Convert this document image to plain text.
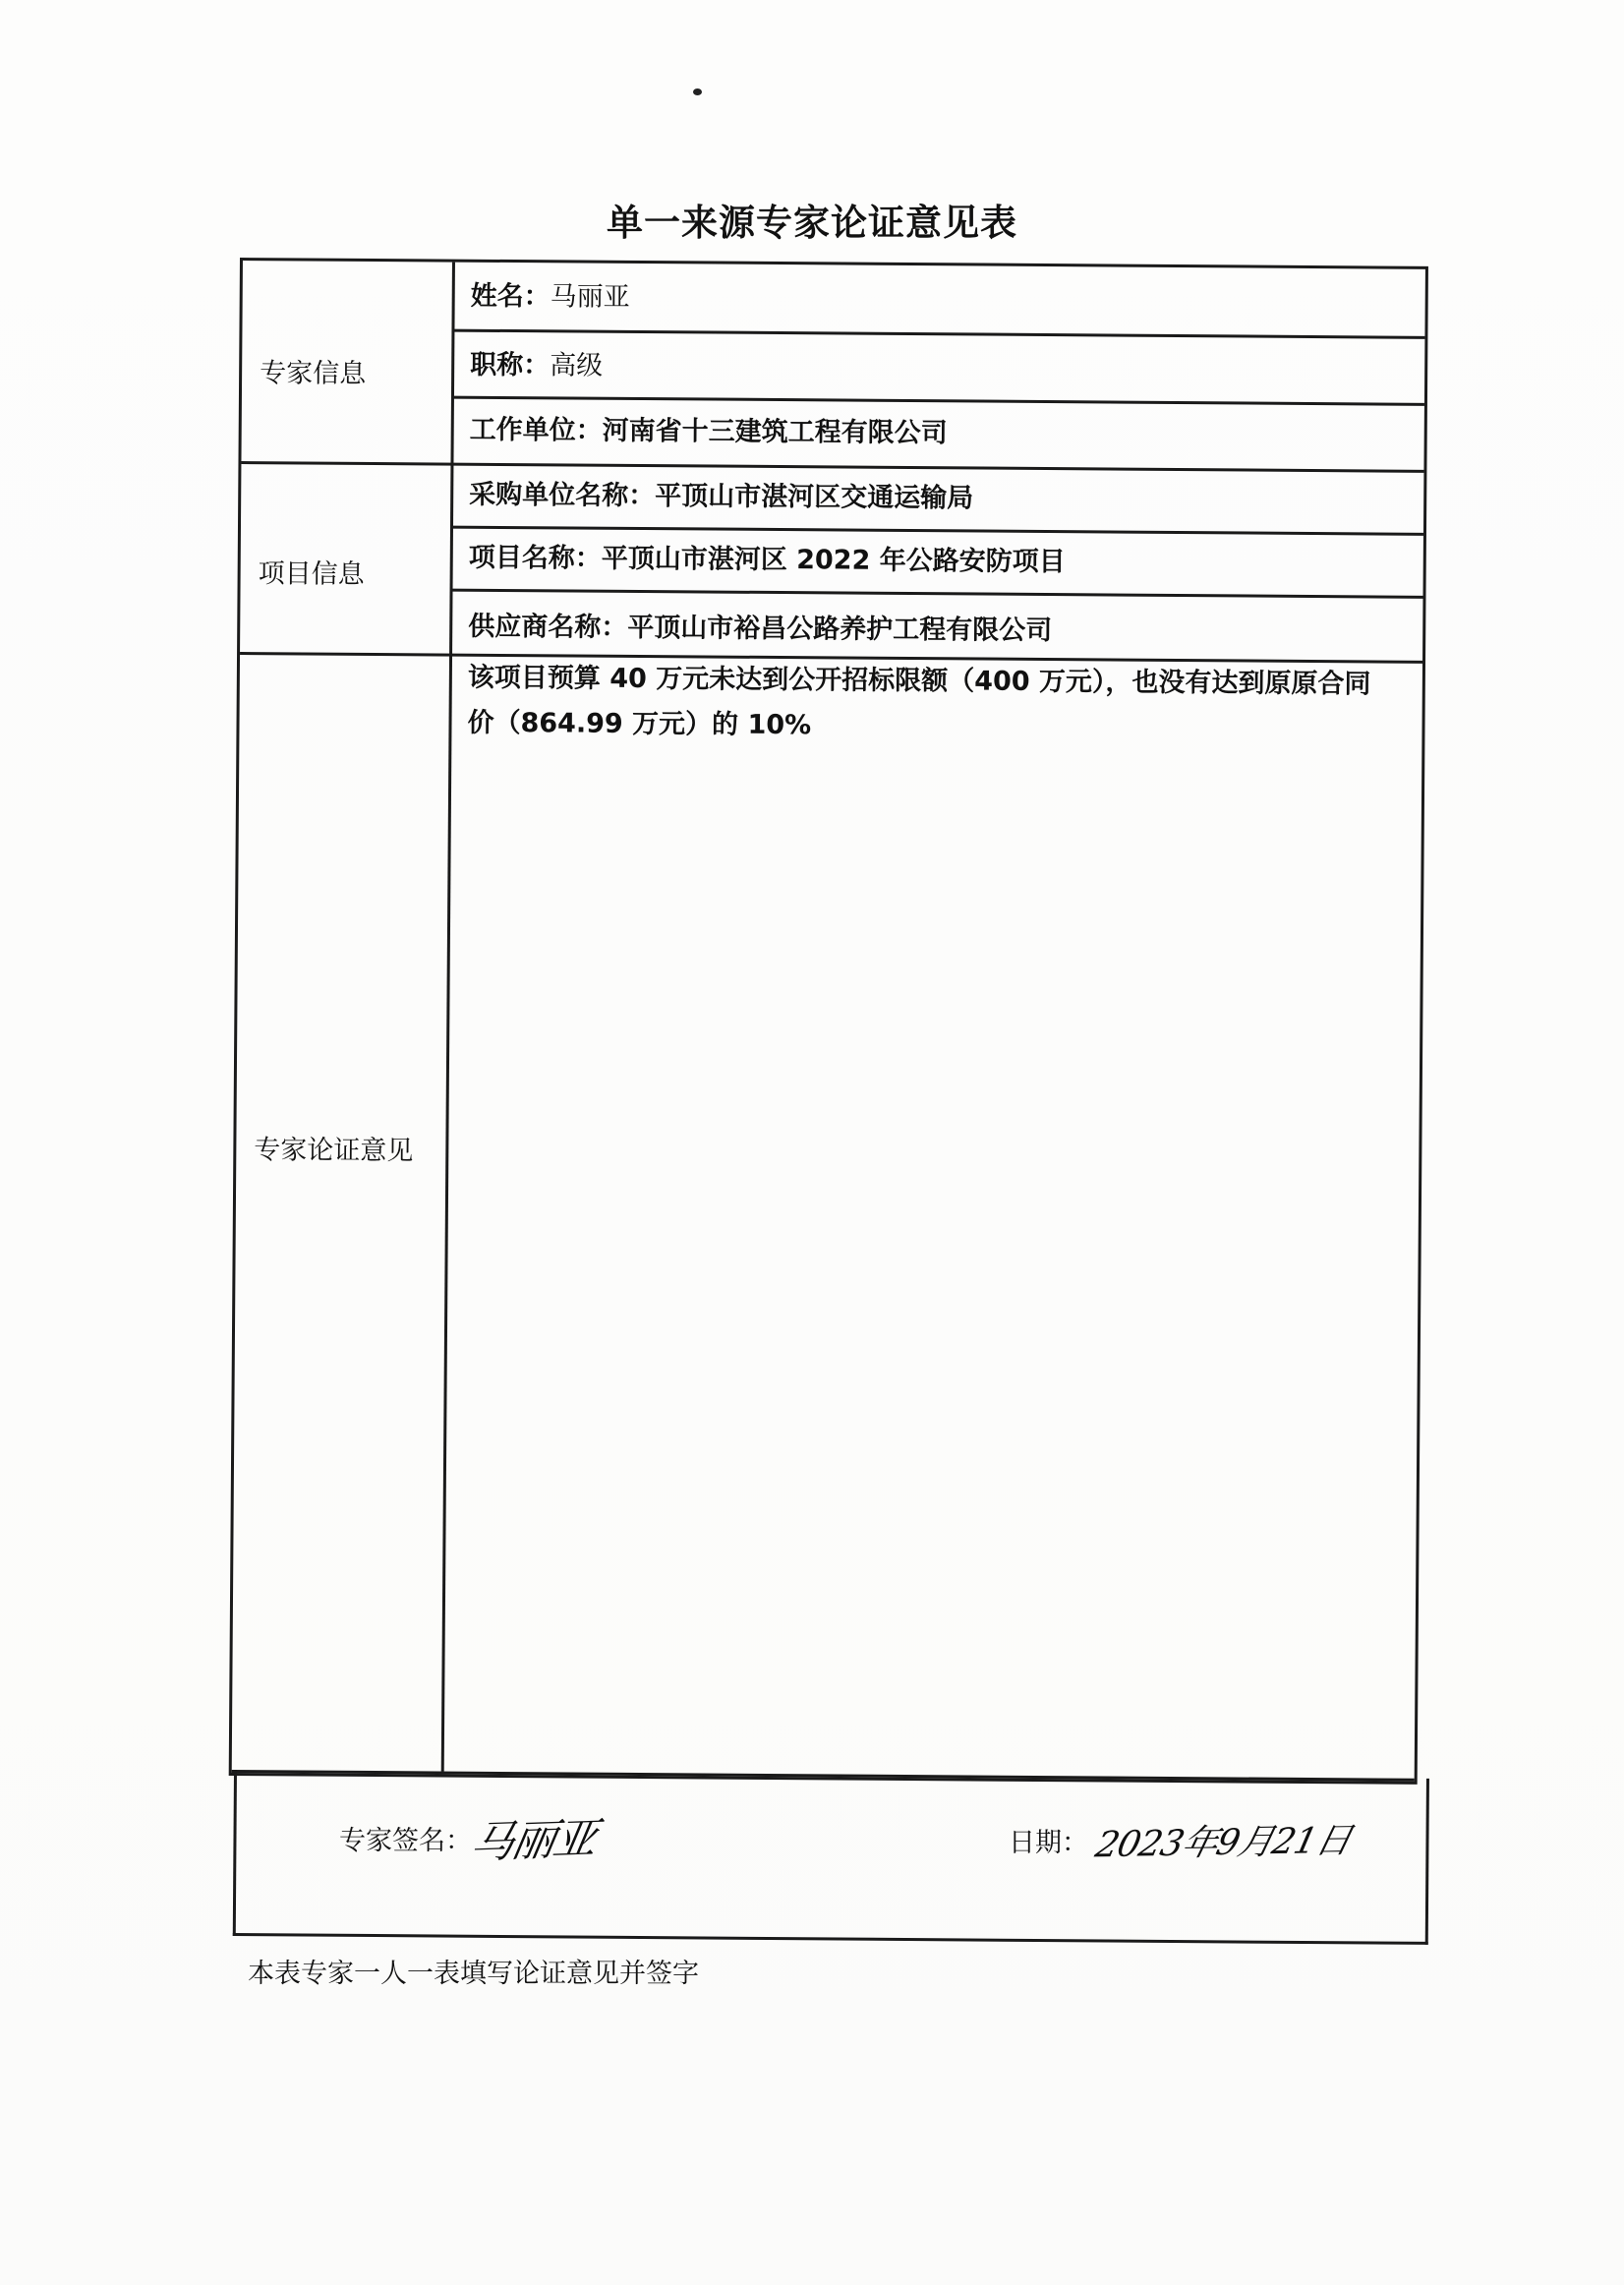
单一来源专家论证意见表
专家信息
项目信息
专家论证意见
姓名：马丽亚
职称：高级
工作单位：河南省十三建筑工程有限公司
采购单位名称：平顶山市湛河区交通运输局
项目名称：平顶山市湛河区 2022 年公路安防项目
供应商名称：平顶山市裕昌公路养护工程有限公司
该项目预算 40 万元未达到公开招标限额（400 万元），也没有达到原原合同
价（864.99 万元）的 10%
专家签名：
马丽亚	日期： 2023年9月21日
本表专家一人一表填写论证意见并签字
